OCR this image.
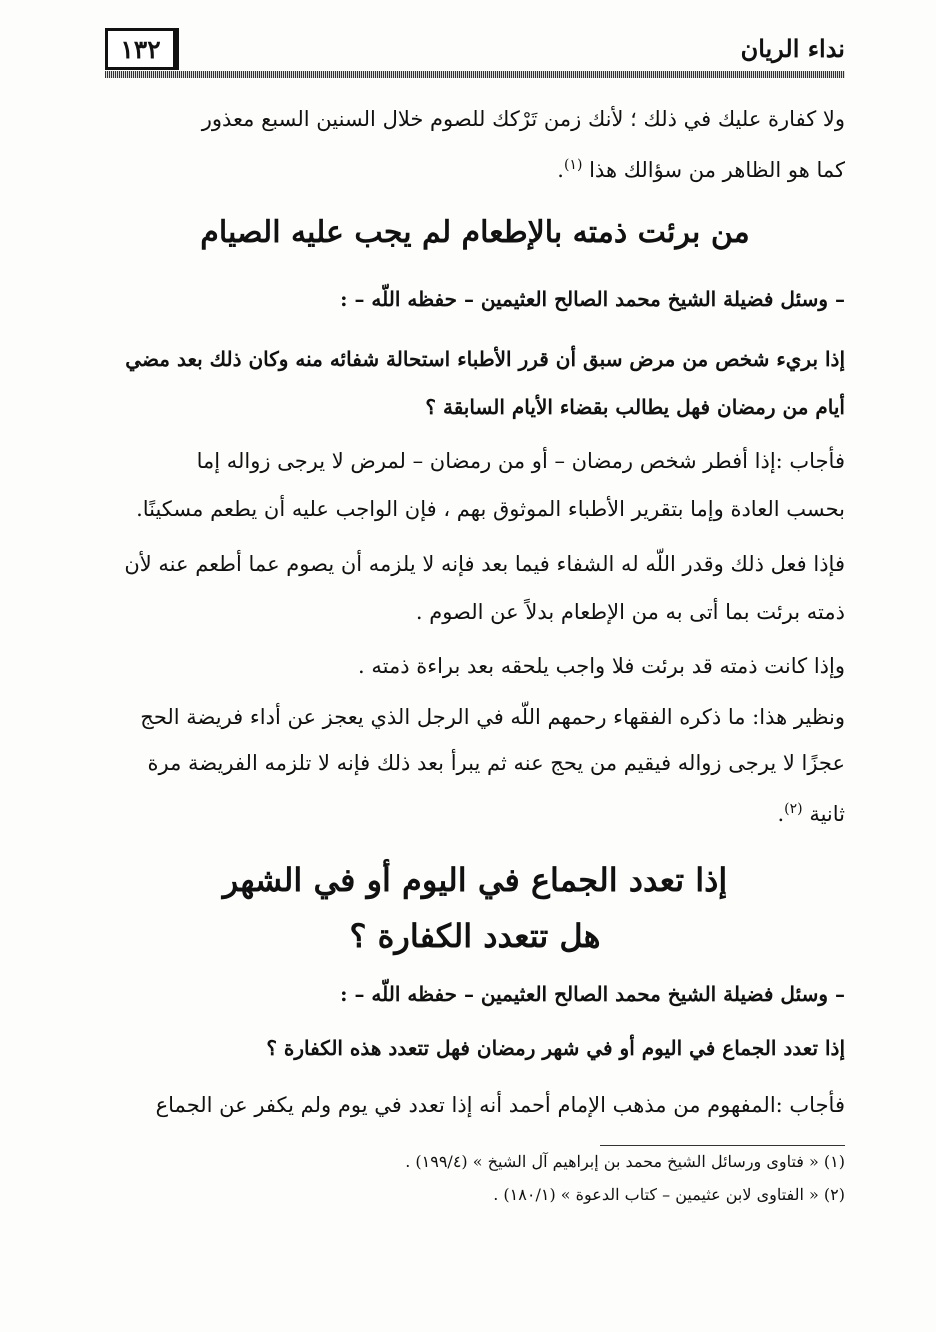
١٣٢	نداء الريان
ولا كفارة عليك في ذلك ؛ لأنك زمن تَرْكك للصوم خلال السنين السبع معذور
كما هو الظاهر من سؤالك هذا $^{(١)}$.
من برئت ذمته بالإطعام لم يجب عليه الصيام
– وسئل فضيلة الشيخ محمد الصالح العثيمين – حفظه اللّه – :
إذا بريء شخص من مرض سبق أن قرر الأطباء استحالة شفائه منه وكان ذلك بعد مضي
أيام من رمضان فهل يطالب بقضاء الأيام السابقة ؟
فأجاب :إذا أفطر شخص رمضان – أو من رمضان – لمرض لا يرجى زواله إما
بحسب العادة وإما بتقرير الأطباء الموثوق بهم ، فإن الواجب عليه أن يطعم مسكينًا.
فإذا فعل ذلك وقدر اللّه له الشفاء فيما بعد فإنه لا يلزمه أن يصوم عما أطعم عنه لأن
ذمته برئت بما أتى به من الإطعام بدلاً عن الصوم .
وإذا كانت ذمته قد برئت فلا واجب يلحقه بعد براءة ذمته .
ونظير هذا: ما ذكره الفقهاء رحمهم اللّه في الرجل الذي يعجز عن أداء فريضة الحج
عجزًا لا يرجى زواله فيقيم من يحج عنه ثم يبرأ بعد ذلك فإنه لا تلزمه الفريضة مرة
ثانية $^{(٢)}$.
إذا تعدد الجماع في اليوم أو في الشهر
هل تتعدد الكفارة ؟
– وسئل فضيلة الشيخ محمد الصالح العثيمين – حفظه اللّه – :
إذا تعدد الجماع في اليوم أو في شهر رمضان فهل تتعدد هذه الكفارة ؟
فأجاب :المفهوم من مذهب الإمام أحمد أنه إذا تعدد في يوم ولم يكفر عن الجماع
(١) « فتاوى ورسائل الشيخ محمد بن إبراهيم آل الشيخ » (١٩٩/٤) .
(٢) « الفتاوى لابن عثيمين – كتاب الدعوة » (١٨٠/١) .
